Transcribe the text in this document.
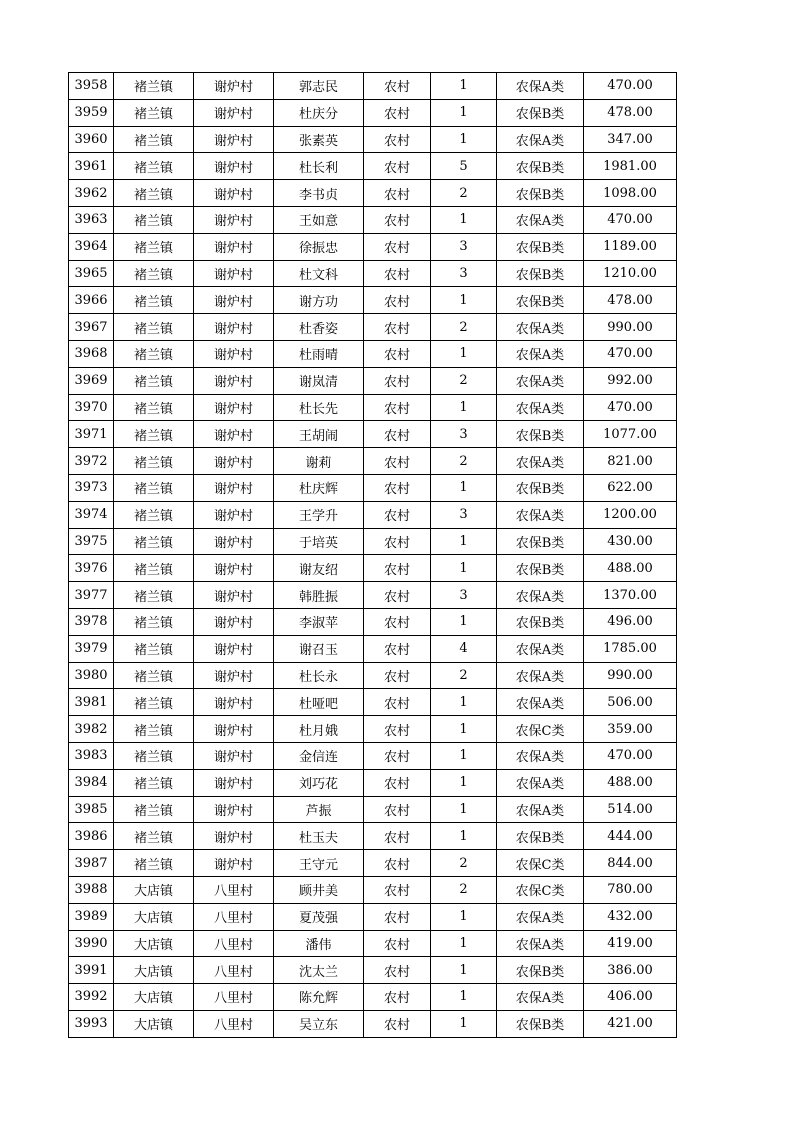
3958	褚兰镇	谢炉村	郭志民	农村	1	农保A类	470.00
3959	褚兰镇	谢炉村	杜庆分	农村	1	农保B类	478.00
3960	褚兰镇	谢炉村	张素英	农村	1	农保A类	347.00
3961	褚兰镇	谢炉村	杜长利	农村	5	农保B类	1981.00
3962	褚兰镇	谢炉村	李书贞	农村	2	农保B类	1098.00
3963	褚兰镇	谢炉村	王如意	农村	1	农保A类	470.00
3964	褚兰镇	谢炉村	徐振忠	农村	3	农保B类	1189.00
3965	褚兰镇	谢炉村	杜文科	农村	3	农保B类	1210.00
3966	褚兰镇	谢炉村	谢方功	农村	1	农保B类	478.00
3967	褚兰镇	谢炉村	杜香姿	农村	2	农保A类	990.00
3968	褚兰镇	谢炉村	杜雨晴	农村	1	农保A类	470.00
3969	褚兰镇	谢炉村	谢岚清	农村	2	农保A类	992.00
3970	褚兰镇	谢炉村	杜长先	农村	1	农保A类	470.00
3971	褚兰镇	谢炉村	王胡闹	农村	3	农保B类	1077.00
3972	褚兰镇	谢炉村	谢莉	农村	2	农保A类	821.00
3973	褚兰镇	谢炉村	杜庆辉	农村	1	农保B类	622.00
3974	褚兰镇	谢炉村	王学升	农村	3	农保A类	1200.00
3975	褚兰镇	谢炉村	于培英	农村	1	农保B类	430.00
3976	褚兰镇	谢炉村	谢友绍	农村	1	农保B类	488.00
3977	褚兰镇	谢炉村	韩胜振	农村	3	农保A类	1370.00
3978	褚兰镇	谢炉村	李淑苹	农村	1	农保B类	496.00
3979	褚兰镇	谢炉村	谢召玉	农村	4	农保A类	1785.00
3980	褚兰镇	谢炉村	杜长永	农村	2	农保A类	990.00
3981	褚兰镇	谢炉村	杜哑吧	农村	1	农保A类	506.00
3982	褚兰镇	谢炉村	杜月娥	农村	1	农保C类	359.00
3983	褚兰镇	谢炉村	金信连	农村	1	农保A类	470.00
3984	褚兰镇	谢炉村	刘巧花	农村	1	农保A类	488.00
3985	褚兰镇	谢炉村	芦振	农村	1	农保A类	514.00
3986	褚兰镇	谢炉村	杜玉夫	农村	1	农保B类	444.00
3987	褚兰镇	谢炉村	王守元	农村	2	农保C类	844.00
3988	大店镇	八里村	顾井美	农村	2	农保C类	780.00
3989	大店镇	八里村	夏茂强	农村	1	农保A类	432.00
3990	大店镇	八里村	潘伟	农村	1	农保A类	419.00
3991	大店镇	八里村	沈太兰	农村	1	农保B类	386.00
3992	大店镇	八里村	陈允辉	农村	1	农保A类	406.00
3993	大店镇	八里村	吴立东	农村	1	农保B类	421.00
